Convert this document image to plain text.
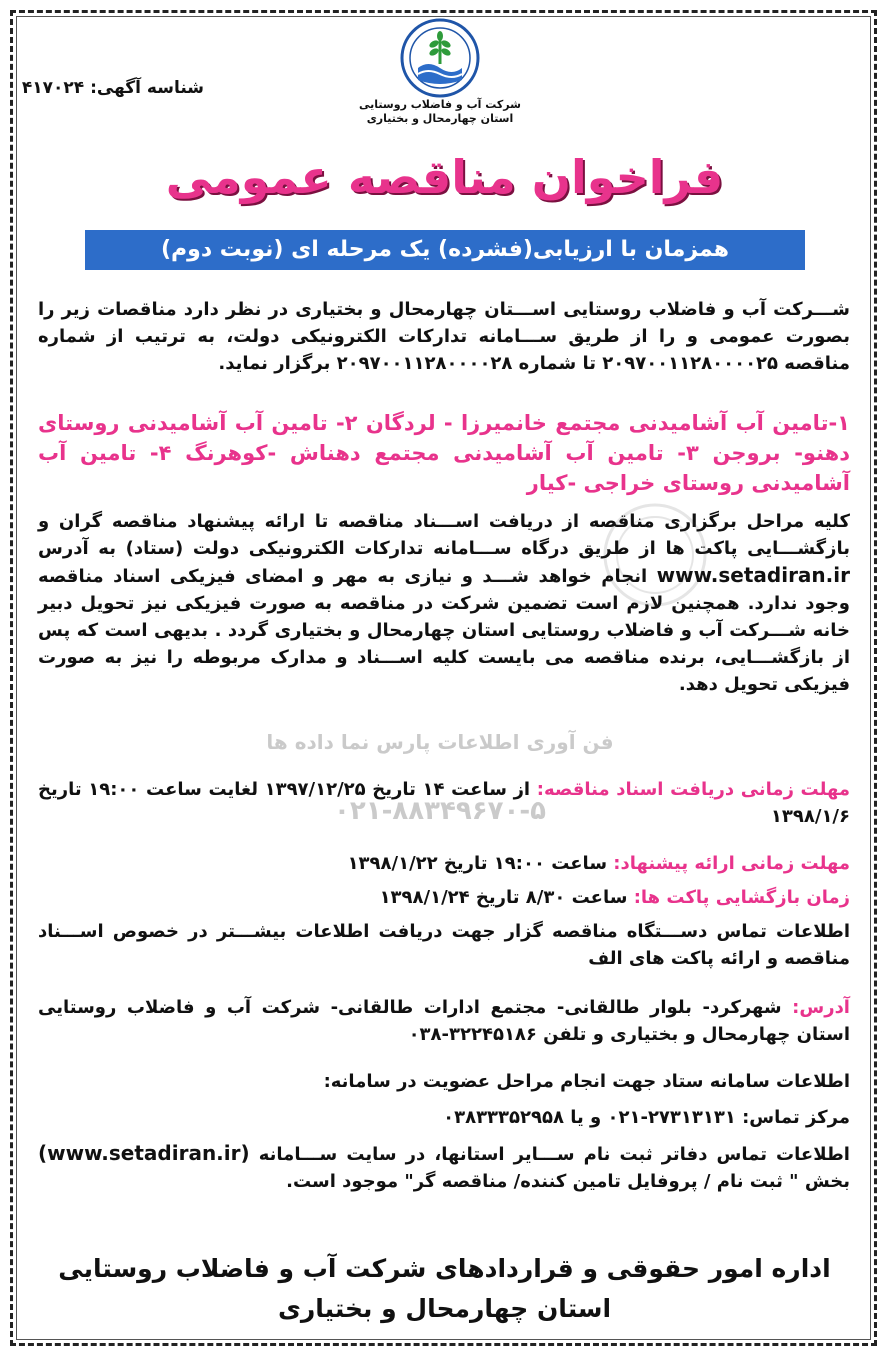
شرکت آب و فاضلاب روستایی
استان چهارمحال و بختیاری
شناسه آگهی: ۴۱۷۰۲۴
فراخوان مناقصه عمومی
همزمان با ارزیابی(فشرده) یک مرحله ای (نوبت دوم)
شـــرکت آب و فاضلاب روستایی اســـتان چهارمحال و بختیاری در نظر دارد مناقصات زیر را بصورت عمومی و را از طریق ســـامانه تدارکات الکترونیکی دولت، به ترتیب از شماره مناقصه ۲۰۹۷۰۰۱۱۲۸۰۰۰۰۲۵ تا شماره ۲۰۹۷۰۰۱۱۲۸۰۰۰۰۲۸ برگزار نماید.
۱-تامین آب آشامیدنی مجتمع خانمیرزا - لردگان ۲- تامین آب آشامیدنی روستای دهنو- بروجن ۳- تامین آب آشامیدنی مجتمع دهناش -کوهرنگ ۴- تامین آب آشامیدنی روستای خراجی -کیار
کلیه مراحل برگزاری مناقصه از دریافت اســـناد مناقصه تا ارائه پیشنهاد مناقصه گران و بازگشـــایی پاکت ها از طریق درگاه ســـامانه تدارکات الکترونیکی دولت (ستاد) به آدرس www.setadiran.ir انجام خواهد شـــد و نیازی به مهر و امضای فیزیکی اسناد مناقصه وجود ندارد. همچنین لازم است تضمین شرکت در مناقصه به صورت فیزیکی نیز تحویل دبیر خانه شـــرکت آب و فاضلاب روستایی استان چهارمحال و بختیاری گردد . بدیهی است که پس از بازگشـــایی، برنده مناقصه می بایست کلیه اســـناد و مدارک مربوطه را نیز به صورت فیزیکی تحویل دهد.
فن آوری اطلاعات پارس نما داده ها
۰۲۱-۸۸۳۴۹۶۷۰-۵
مهلت زمانی دریافت اسناد مناقصه: از ساعت ۱۴ تاریخ ۱۳۹۷/۱۲/۲۵ لغایت ساعت ۱۹:۰۰ تاریخ ۱۳۹۸/۱/۶
مهلت زمانی ارائه پیشنهاد: ساعت ۱۹:۰۰ تاریخ ۱۳۹۸/۱/۲۲
زمان بازگشایی پاکت ها: ساعت ۸/۳۰ تاریخ ۱۳۹۸/۱/۲۴
اطلاعات تماس دســـتگاه مناقصه گزار جهت دریافت اطلاعات بیشـــتر در خصوص اســـناد مناقصه و ارائه پاکت های الف
آدرس: شهرکرد- بلوار طالقانی- مجتمع ادارات طالقانی- شرکت آب و فاضلاب روستایی استان چهارمحال و بختیاری و تلفن ۳۲۲۴۵۱۸۶-۰۳۸
اطلاعات سامانه ستاد جهت انجام مراحل عضویت در سامانه:
مرکز تماس: ۲۷۳۱۳۱۳۱-۰۲۱ و یا ۰۳۸۳۳۳۵۲۹۵۸
اطلاعات تماس دفاتر ثبت نام ســـایر استانها، در سایت ســـامانه (www.setadiran.ir) بخش " ثبت نام / پروفایل تامین کننده/ مناقصه گر" موجود است.
اداره امور حقوقی و قراردادهای شرکت آب و فاضلاب روستایی
استان چهارمحال و بختیاری
